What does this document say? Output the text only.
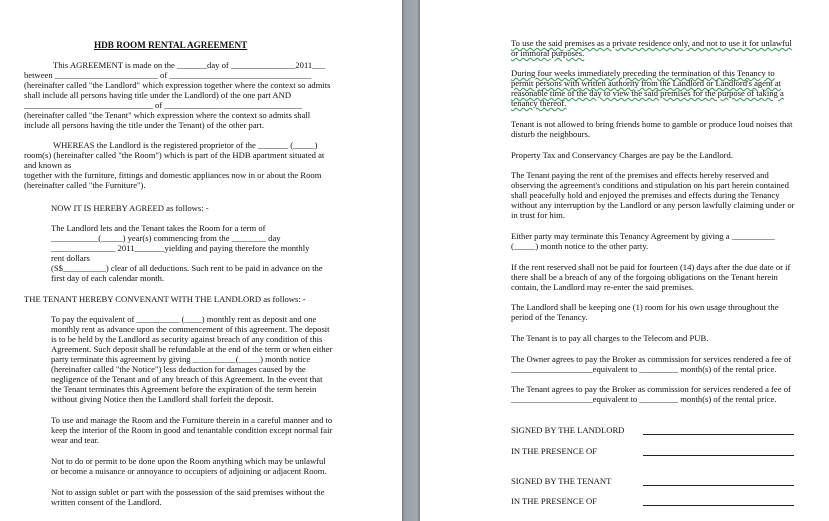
HDB ROOM RENTAL AGREEMENT

This AGREEMENT is made on the _______day of _______________2011___

between ________________________ of _________________________________

(hereinafter called "the Landlord" which expression together where the context so admits

shall include all persons having title under the Landlord) of the one part AND

______________________________ of ________________________________

(hereinafter called "the Tenant" which expression where the context so admits shall

include all persons having the title under the Tenant) of the other part.

WHEREAS the Landlord is the registered proprietor of the _______ (_____)

room(s) (hereinafter called "the Room") which is part of the HDB apartment situated at

and known as

together with the furniture, fittings and domestic appliances now in or about the Room

(hereinafter called "the Furniture").

NOW IT IS HEREBY AGREED as follows: -

The Landlord lets and the Tenant takes the Room for a term of

___________(_____) year(s) commencing from the ________ day

_______________ 2011_______yielding and paying therefore the monthly

rent dollars

(S$__________) clear of all deductions. Such rent to be paid in advance on the

first day of each calendar month.

THE TENANT HEREBY CONVENANT WITH THE LANDLORD as follows: -

To pay the equivalent of __________ (____) monthly rent as deposit and one

monthly rent as advance upon the commencement of this agreement. The deposit

is to be held by the Landlord as security against breach of any condition of this

Agreement. Such deposit shall be refundable at the end of the term or when either

party terminate this agreement by giving __________(_____) month notice

(hereinafter called "the Notice") less deduction for damages caused by the

negligence of the Tenant and of any breach of this Agreement. In the event that

the Tenant terminates this Agreement before the expiration of the term herein

without giving Notice then the Landlord shall forfeit the deposit.

To use and manage the Room and the Furniture therein in a careful manner and to

keep the interior of the Room in good and tenantable condition except normal fair

wear and tear.

Not to do or permit to be done upon the Room anything which may be unlawful

or become a nuisance or annoyance to occupiers of adjoining or adjacent Room.

Not to assign sublet or part with the possession of the said premises without the

written consent of the Landlord.

To use the said premises as a private residence only, and not to use it for unlawful

or immoral purposes.

During four weeks immediately preceding the termination of this Tenancy to

permit persons with written authority from the Landlord or Landlord's agent at

reasonable time of the day to view the said premises for the purpose of taking a

tenancy thereof.

Tenant is not allowed to bring friends home to gamble or produce loud noises that

disturb the neighbours.

Property Tax and Conservancy Charges are pay be the Landlord.

The Tenant paying the rent of the premises and effects hereby reserved and

observing the agreement's conditions and stipulation on his part herein contained

shall peacefully hold and enjoyed the premises and effects during the Tenancy

without any interruption by the Landlord or any person lawfully claiming under or

in trust for him.

Either party may terminate this Tenancy Agreement by giving a __________

(_____) month notice to the other party.

If the rent reserved shall not be paid for fourteen (14) days after the due date or if

there shall be a breach of any of the forgoing obligations on the Tenant herein

contain, the Landlord may re-enter the said premises.

The Landlord shall be keeping one (1) room for his own usage throughout the

period of the Tenancy.

The Tenant is to pay all charges to the Telecom and PUB.

The Owner agrees to pay the Broker as commission for services rendered a fee of

___________________equivalent to _________ month(s) of the rental price.

The Tenant agrees to pay the Broker as commission for services rendered a fee of

___________________equivalent to _________ month(s) of the rental price.

SIGNED BY THE LANDLORD

IN THE PRESENCE OF

SIGNED BY THE TENANT

IN THE PRESENCE OF
